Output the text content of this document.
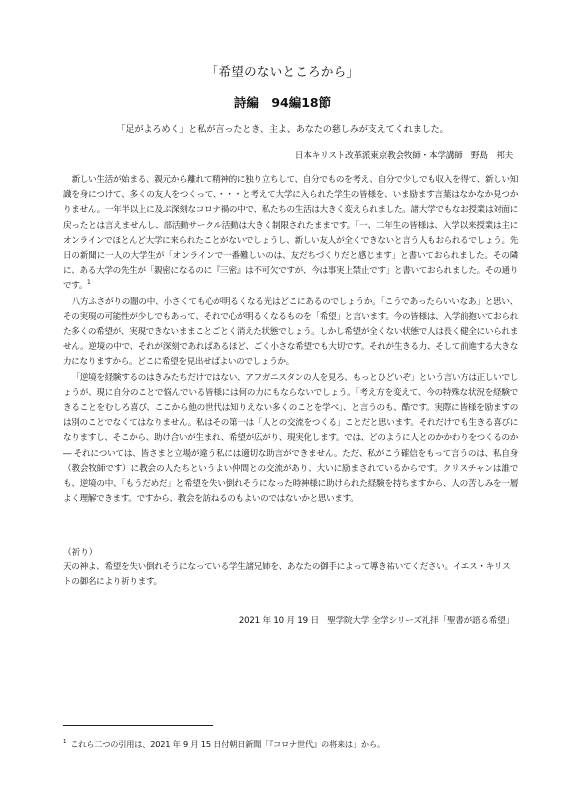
「希望のないところから」
詩編　94編18節
「足がよろめく」と私が言ったとき、主よ、あなたの慈しみが支えてくれました。
日本キリスト改革派東京教会牧師・本学講師　野島　邦夫

新しい生活が始まる、親元から離れて精神的に独り立ちして、自分でものを考え、自分で少しでも収入を得て、新しい知識を身につけて、多くの友人をつくって、・・・と考えて大学に入られた学生の皆様を、いま励ます言葉はなかなか見つかりません。一年半以上に及ぶ深刻なコロナ禍の中で、私たちの生活は大きく変えられました。諸大学でもなお授業は対面に戻ったとは言えませんし、部活動サークル活動は大きく制限されたままです。「一、二年生の皆様は、入学以来授業は主にオンラインでほとんど大学に来られたことがないでしょうし、新しい友人が全くできないと言う人もおられるでしょう。先日の新聞に一人の大学生が「オンラインで一番難しいのは、友だちづくりだと感じます」と書いておられました。その隣に、ある大学の先生が「親密になるのに『三密』は不可欠ですが、今は事実上禁止です」と書いておられました。その通りです。$^1$

八方ふさがりの闇の中、小さくても心が明るくなる光はどこにあるのでしょうか。「こうであったらいいなあ」と思い、その実現の可能性が少しでもあって、それで心が明るくなるものを「希望」と言います。今の皆様は、入学前抱いておられた多くの希望が、実現できないままことごとく消えた状態でしょう。しかし希望が全くない状態で人は長く健全にいられません。逆境の中で、それが深刻であればあるほど、ごく小さな希望でも大切です。それが生きる力、そして前進する大きな力になりますから。どこに希望を見出せばよいのでしょうか。

「逆境を経験するのはきみたちだけではない、アフガニスタンの人を見ろ、もっとひどいぞ」という言い方は正しいでしょうが、現に自分のことで悩んでいる皆様には何の力にもならないでしょう。「考え方を変えて、今の特殊な状況を経験できることをむしろ喜び、ここから他の世代は知りえない多くのことを学べ」、と言うのも、酷です。実際に皆様を励ますのは別のことでなくてはなりません。私はその第一は「人との交流をつくる」ことだと思います。それだけでも生きる喜びになりますし、そこから、助け合いが生まれ、希望が広がり、現実化します。では、どのように人とのかかわりをつくるのか ― それについては、皆さまと立場が違う私には適切な助言ができません。ただ、私がこう確信をもって言うのは、私自身（教会牧師です）に教会の人たちというよい仲間との交流があり、大いに励まされているからです。クリスチャンは誰でも、逆境の中、「もうだめだ」と希望を失い倒れそうになった時神様に助けられた経験を持ちますから、人の苦しみを一層よく理解できます。ですから、教会を訪ねるのもよいのではないかと思います。

（祈り）
天の神よ、希望を失い倒れそうになっている学生諸兄姉を、あなたの御手によって導き祐いてください。イエス・キリストの御名により祈ります。
2021 年 10 月 19 日　聖学院大学 全学シリーズ礼拝「聖書が語る希望」
$^1$ これら二つの引用は、2021 年 9 月 15 日付朝日新聞「『コロナ世代』の将来は」から。
